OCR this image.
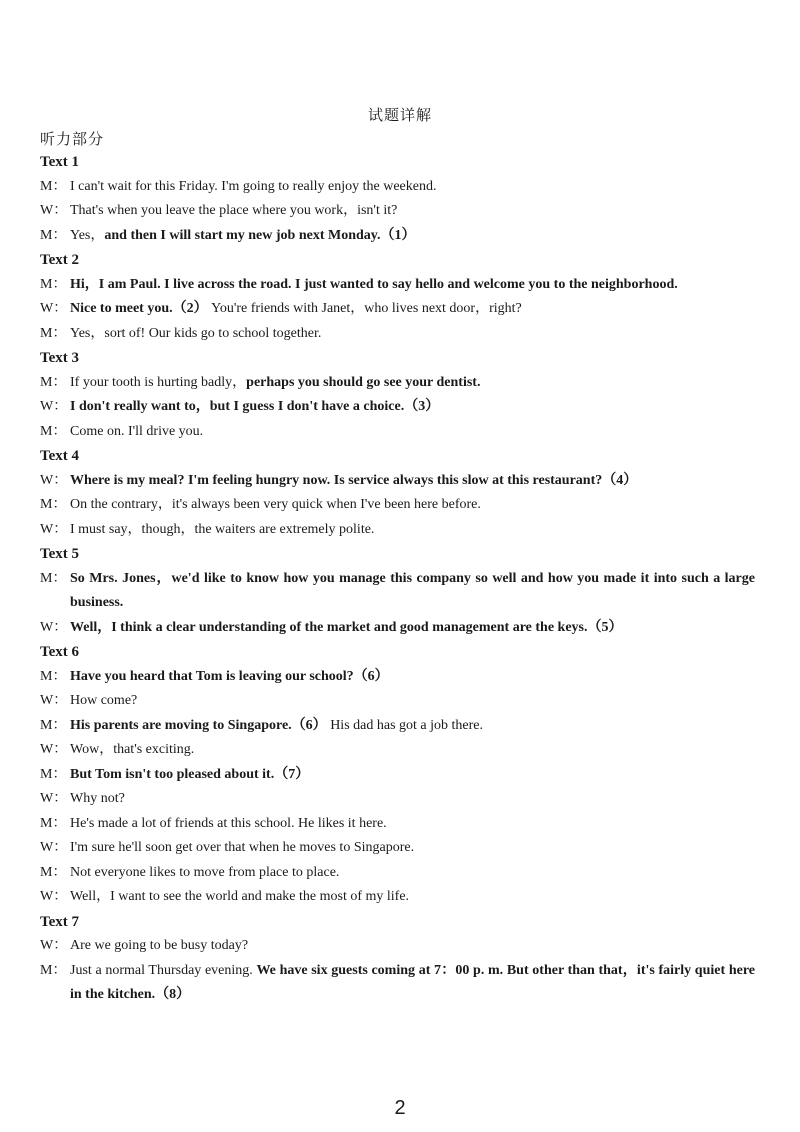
试题详解
听力部分
Text 1
M： I can't wait for this Friday. I'm going to really enjoy the weekend.
W： That's when you leave the place where you work，isn't it?
M： Yes，and then I will start my new job next Monday.（1）
Text 2
M： Hi，I am Paul. I live across the road. I just wanted to say hello and welcome you to the neighborhood.
W： Nice to meet you.（2） You're friends with Janet，who lives next door，right?
M： Yes，sort of! Our kids go to school together.
Text 3
M： If your tooth is hurting badly，perhaps you should go see your dentist.
W： I don't really want to，but I guess I don't have a choice.（3）
M： Come on. I'll drive you.
Text 4
W： Where is my meal? I'm feeling hungry now. Is service always this slow at this restaurant?（4）
M： On the contrary，it's always been very quick when I've been here before.
W： I must say，though，the waiters are extremely polite.
Text 5
M： So Mrs. Jones，we'd like to know how you manage this company so well and how you made it into such a large business.
W： Well，I think a clear understanding of the market and good management are the keys.（5）
Text 6
M： Have you heard that Tom is leaving our school?（6）
W： How come?
M： His parents are moving to Singapore.（6） His dad has got a job there.
W： Wow，that's exciting.
M： But Tom isn't too pleased about it.（7）
W： Why not?
M： He's made a lot of friends at this school. He likes it here.
W： I'm sure he'll soon get over that when he moves to Singapore.
M： Not everyone likes to move from place to place.
W： Well，I want to see the world and make the most of my life.
Text 7
W： Are we going to be busy today?
M： Just a normal Thursday evening. We have six guests coming at 7：00 p. m. But other than that，it's fairly quiet here in the kitchen.（8）
2
